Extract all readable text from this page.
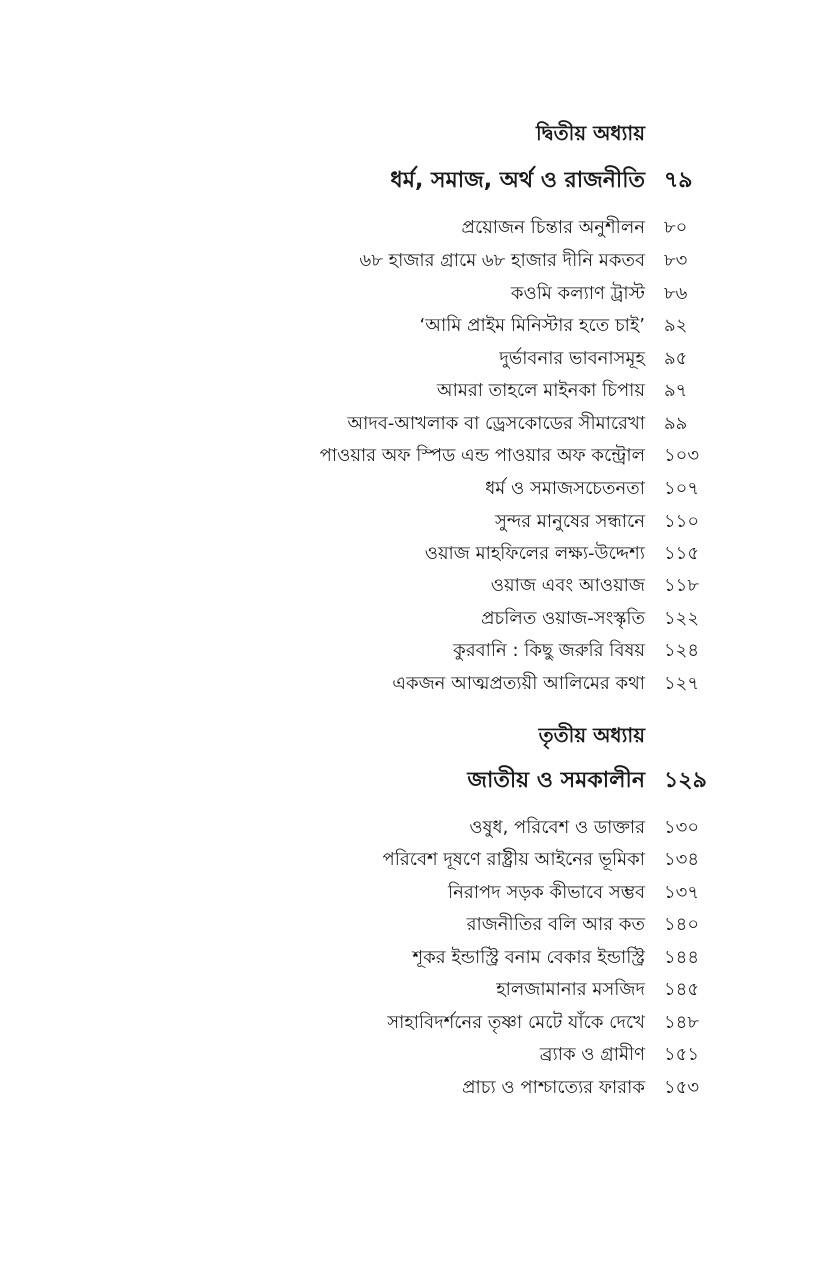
দ্বিতীয় অধ্যায়
ধর্ম, সমাজ, অর্থ ও রাজনীতি ৭৯
প্রয়োজন চিন্তার অনুশীলন ৮০
৬৮ হাজার গ্রামে ৬৮ হাজার দীনি মকতব ৮৩
কওমি কল্যাণ ট্রাস্ট ৮৬
‘আমি প্রাইম মিনিস্টার হতে চাই’ ৯২
দুর্ভাবনার ভাবনাসমূহ ৯৫
আমরা তাহলে মাইনকা চিপায় ৯৭
আদব-আখলাক বা ড্রেসকোডের সীমারেখা ৯৯
পাওয়ার অফ স্পিড এন্ড পাওয়ার অফ কন্ট্রোল ১০৩
ধর্ম ও সমাজসচেতনতা ১০৭
সুন্দর মানুষের সন্ধানে ১১০
ওয়াজ মাহফিলের লক্ষ্য-উদ্দেশ্য ১১৫
ওয়াজ এবং আওয়াজ ১১৮
প্রচলিত ওয়াজ-সংস্কৃতি ১২২
কুরবানি : কিছু জরুরি বিষয় ১২৪
একজন আত্মপ্রত্যয়ী আলিমের কথা ১২৭
তৃতীয় অধ্যায়
জাতীয় ও সমকালীন ১২৯
ওষুধ, পরিবেশ ও ডাক্তার ১৩০
পরিবেশ দূষণে রাষ্ট্রীয় আইনের ভূমিকা ১৩৪
নিরাপদ সড়ক কীভাবে সম্ভব ১৩৭
রাজনীতির বলি আর কত ১৪০
শূকর ইন্ডাস্ট্রি বনাম বেকার ইন্ডাস্ট্রি ১৪৪
হালজামানার মসজিদ ১৪৫
সাহাবিদর্শনের তৃষ্ণা মেটে যাঁকে দেখে ১৪৮
ব্র্যাক ও গ্রামীণ ১৫১
প্রাচ্য ও পাশ্চাত্যের ফারাক ১৫৩
